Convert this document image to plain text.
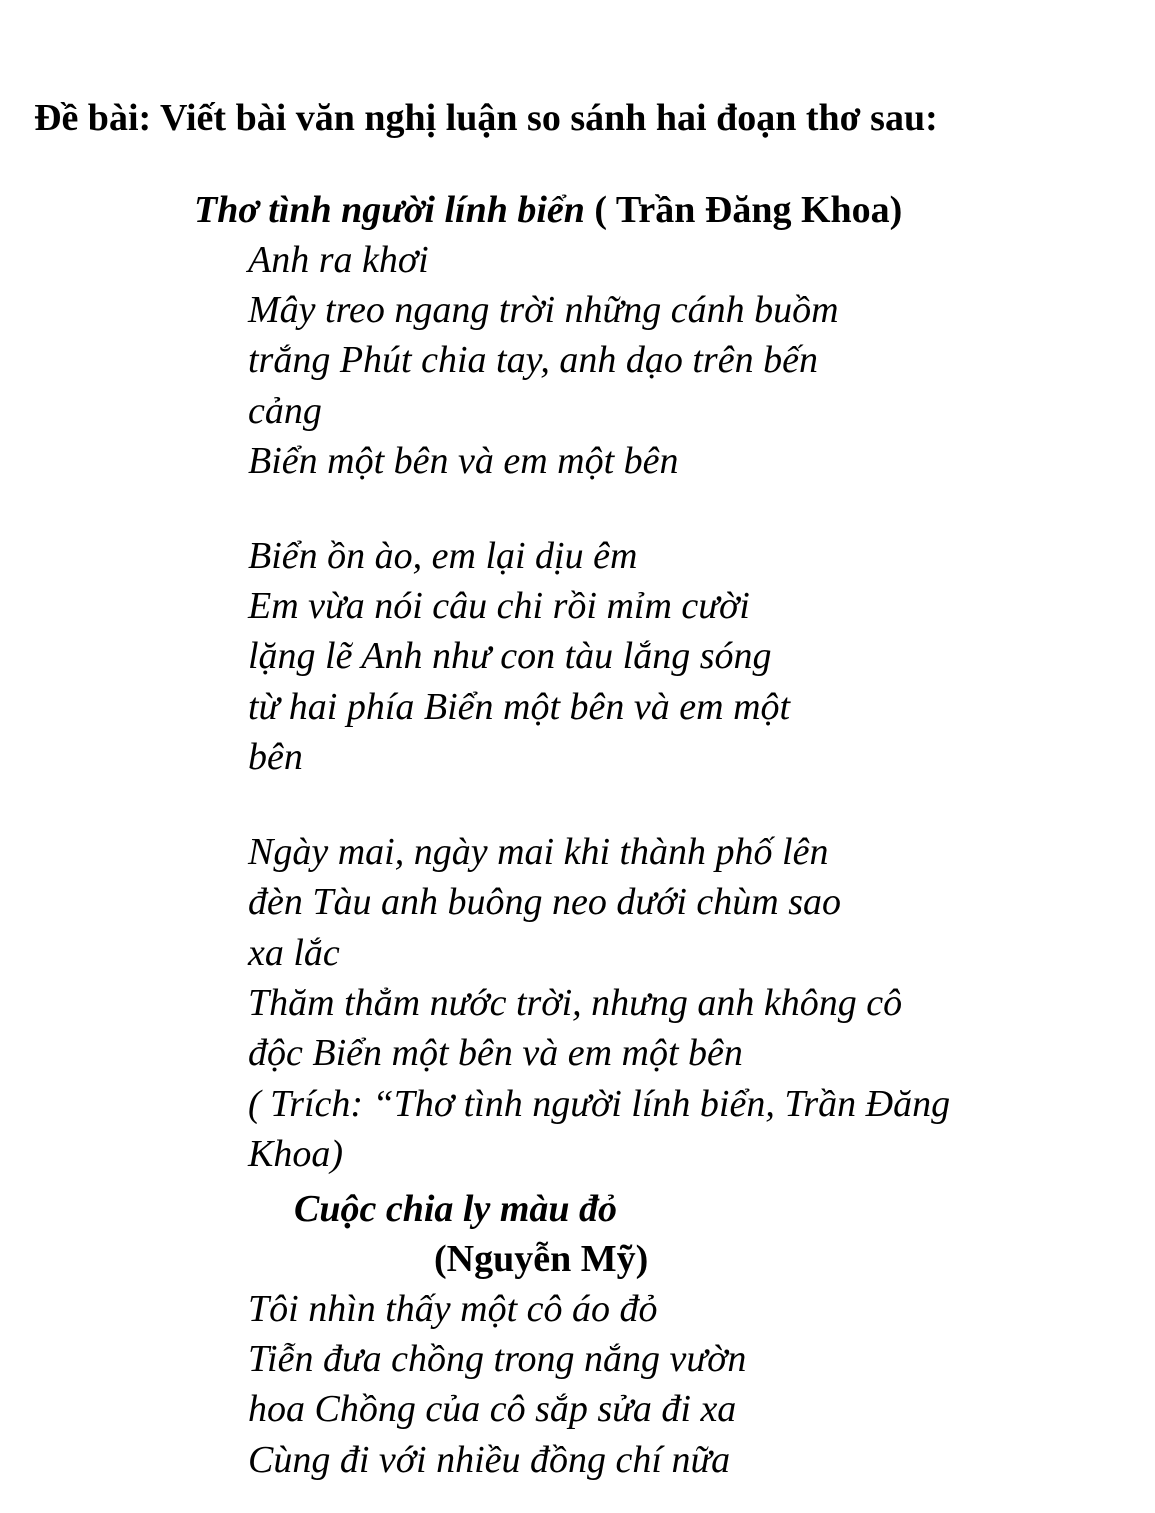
Đề bài: Viết bài văn nghị luận so sánh hai đoạn thơ sau:

Thơ tình người lính biển ( Trần Đăng Khoa)

Anh ra khơi

Mây treo ngang trời những cánh buồm

trắng Phút chia tay, anh dạo trên bến

cảng

Biển một bên và em một bên

Biển ồn ào, em lại dịu êm

Em vừa nói câu chi rồi mỉm cười

lặng lẽ Anh như con tàu lắng sóng

từ hai phía Biển một bên và em một

bên

Ngày mai, ngày mai khi thành phố lên

đèn Tàu anh buông neo dưới chùm sao

xa lắc

Thăm thẳm nước trời, nhưng anh không cô

độc Biển một bên và em một bên

( Trích: “Thơ tình người lính biển, Trần Đăng

Khoa)

Cuộc chia ly màu đỏ

(Nguyễn Mỹ)

Tôi nhìn thấy một cô áo đỏ

Tiễn đưa chồng trong nắng vườn

hoa Chồng của cô sắp sửa đi xa

Cùng đi với nhiều đồng chí nữa
